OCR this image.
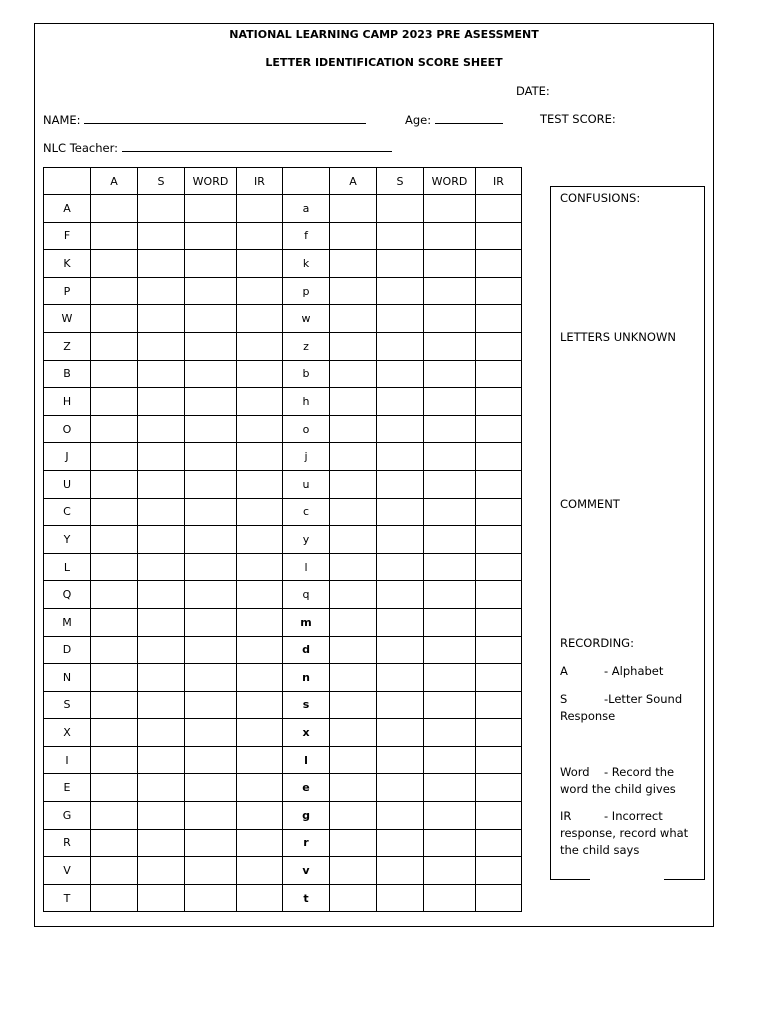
NATIONAL LEARNING CAMP 2023 PRE ASESSMENT
LETTER IDENTIFICATION SCORE SHEET
DATE:
NAME:	Age:	TEST SCORE:
NLC Teacher:
	A	S	WORD	IR		A	S	WORD	IR
A					a				
F					f				
K					k				
P					p				
W					w				
Z					z				
B					b				
H					h				
O					o				
J					j				
U					u				
C					c				
Y					y				
L					l				
Q					q				
M					m				
D					d				
N					n				
S					s				
X					x				
I					l				
E					e				
G					g				
R					r				
V					v				
T					t				
CONFUSIONS:
LETTERS UNKNOWN
COMMENT
RECORDING:
A	- Alphabet
S	-Letter Sound Response
Word - Record the word the child gives
IR	- Incorrect response, record what the child says
